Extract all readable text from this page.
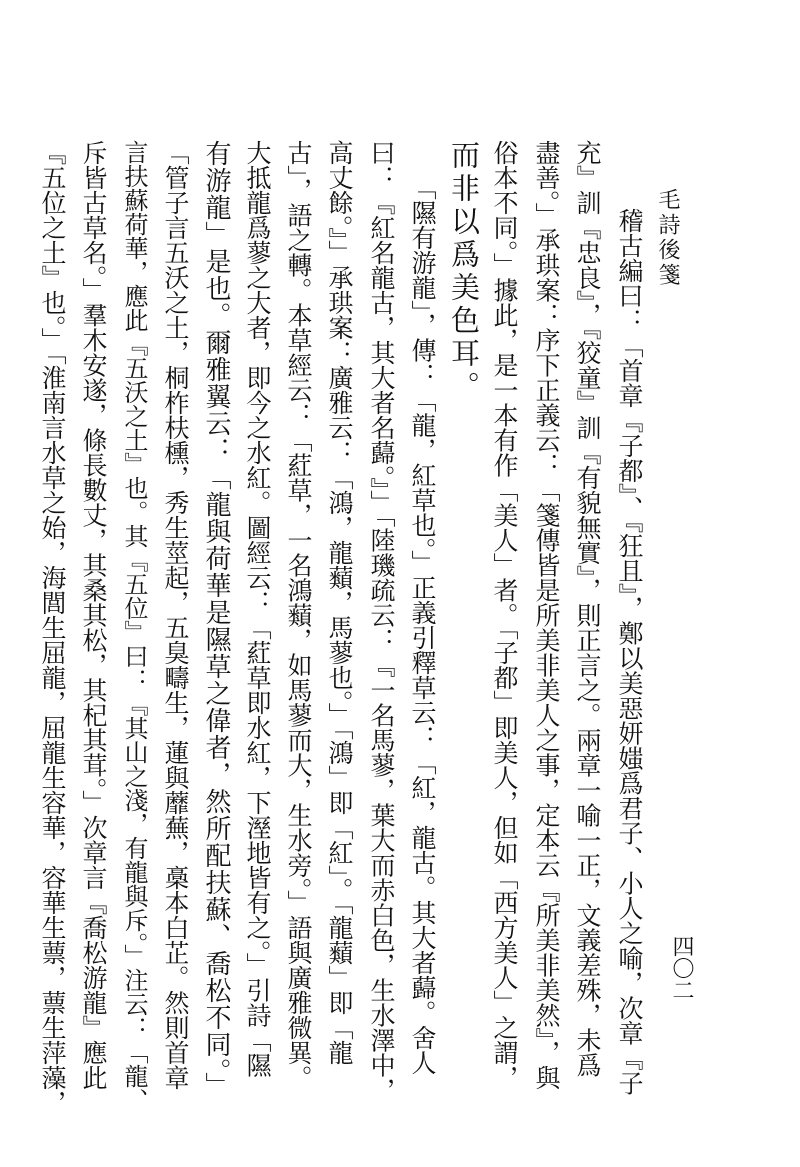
毛詩後箋
四〇二
稽古編曰：「首章『子都』、『狂且』，鄭以美惡妍媸爲君子、小人之喻，次章『子
充』訓『忠良』，『狡童』訓『有貌無實』，則正言之。兩章一喻一正，文義差殊，未爲
盡善。」承珙案：序下正義云：「箋傳皆是所美非美人之事，定本云『所美非美然』，與
俗本不同。」據此，是一本有作「美人」者。「子都」即美人，但如「西方美人」之謂，
而非以爲美色耳。
「隰有游龍」，傳：「龍，紅草也。」正義引釋草云：「紅，龍古。其大者蘬。舍人
曰：『紅名龍古，其大者名蘬。』」「陸璣疏云：『一名馬蓼，葉大而赤白色，生水澤中，
高丈餘。』」承珙案：廣雅云：「鴻，龍蘱，馬蓼也。」「鴻」即「紅」。「龍蘱」即「龍
古」，語之轉。本草經云：「葒草，一名鴻蘱，如馬蓼而大，生水旁。」語與廣雅微異。
大抵龍爲蓼之大者，即今之水紅。圖經云：「葒草即水紅，下溼地皆有之。」引詩「隰
有游龍」是也。爾雅翼云：「龍與荷華是隰草之偉者，然所配扶蘇、喬松不同。」
「管子言五沃之土，桐柞枎櫄，秀生莖起，五臭疇生，蓮與蘼蕪，槀本白芷。然則首章
言扶蘇荷華，應此『五沃之土』也。其『五位』曰：『其山之淺，有龍與斥。」注云：「龍、
斥皆古草名。」羣木安遂，條長數丈，其桑其松，其杞其茸。」次章言『喬松游龍』應此
『五位之土』也。」「淮南言水草之始，海閭生屈龍，屈龍生容華，容華生蔈，蔈生萍藻，
